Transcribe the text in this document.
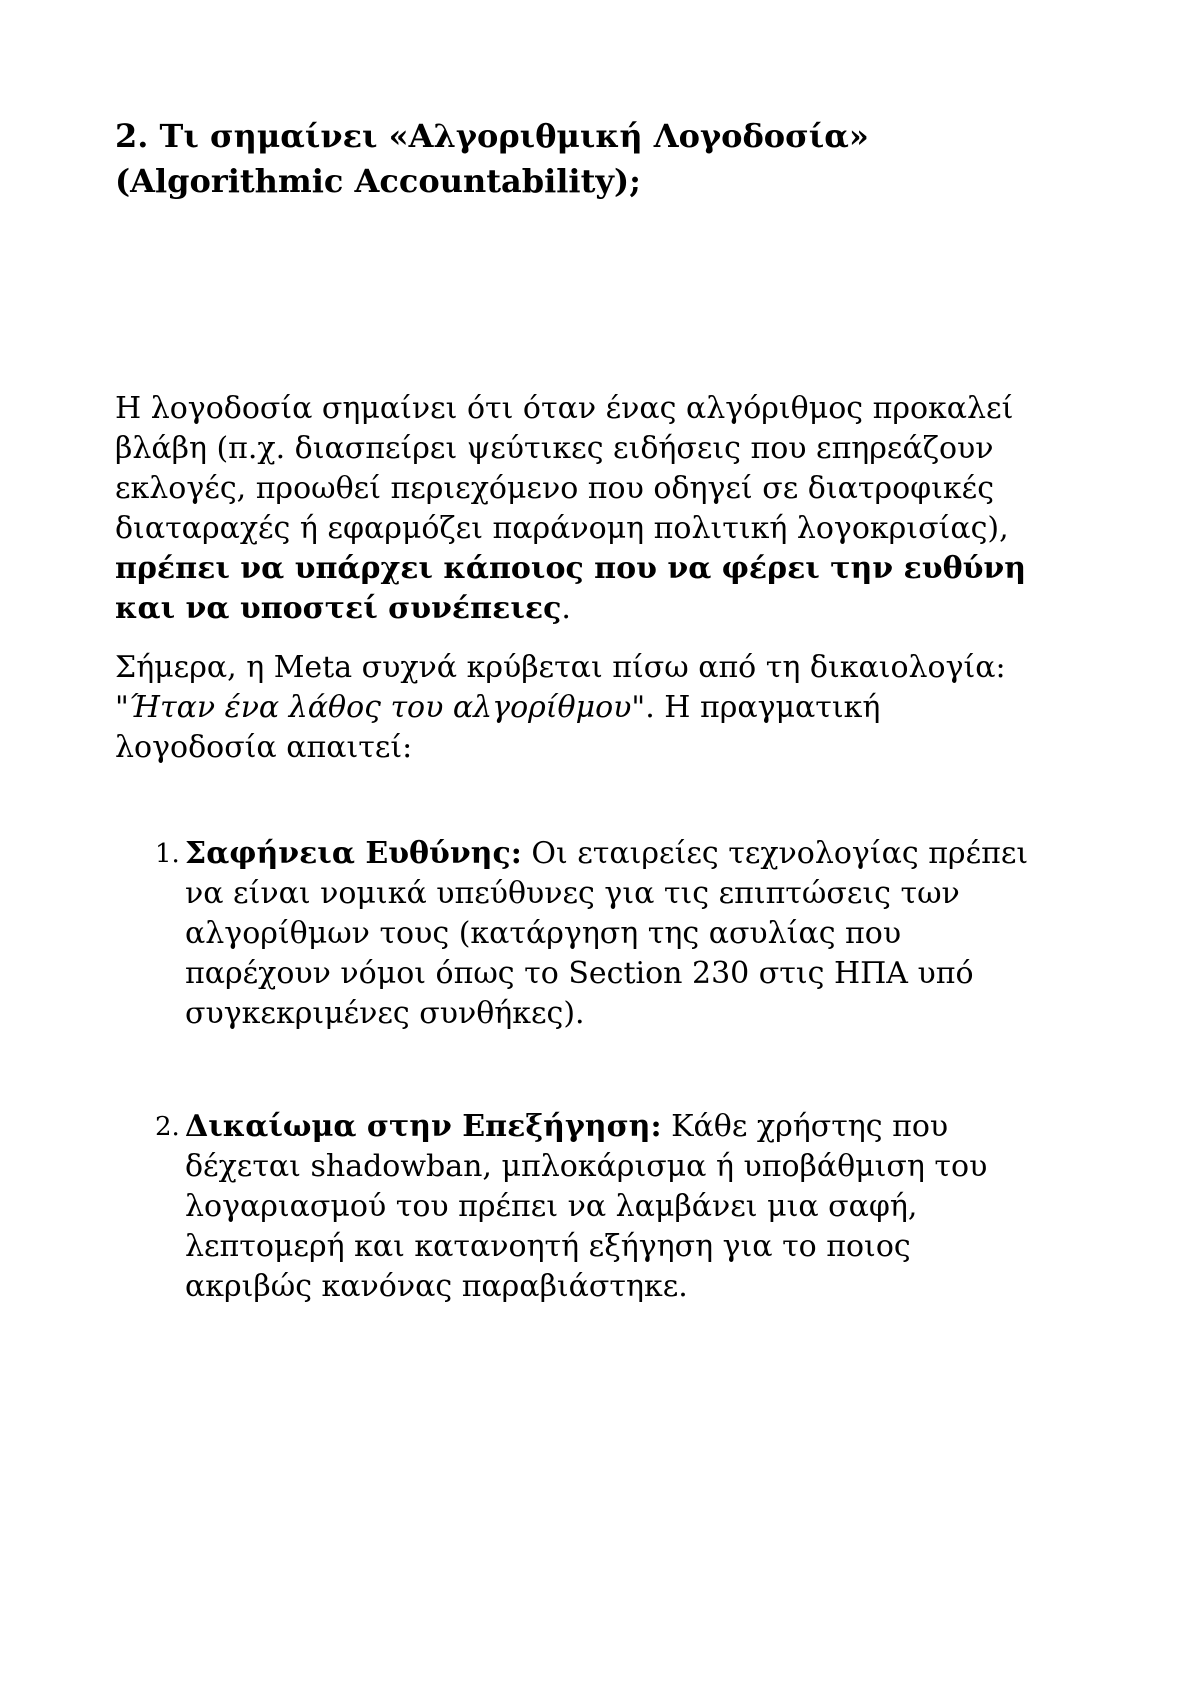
2. Τι σημαίνει «Αλγοριθμική Λογοδοσία»
(Algorithmic Accountability);

Η λογοδοσία σημαίνει ότι όταν ένας αλγόριθμος προκαλεί
βλάβη (π.χ. διασπείρει ψεύτικες ειδήσεις που επηρεάζουν
εκλογές, προωθεί περιεχόμενο που οδηγεί σε διατροφικές
διαταραχές ή εφαρμόζει παράνομη πολιτική λογοκρισίας),
πρέπει να υπάρχει κάποιος που να φέρει την ευθύνη
και να υποστεί συνέπειες.

Σήμερα, η Meta συχνά κρύβεται πίσω από τη δικαιολογία:
"Ήταν ένα λάθος του αλγορίθμου". Η πραγματική
λογοδοσία απαιτεί:

1. Σαφήνεια Ευθύνης: Οι εταιρείες τεχνολογίας πρέπει
να είναι νομικά υπεύθυνες για τις επιπτώσεις των
αλγορίθμων τους (κατάργηση της ασυλίας που
παρέχουν νόμοι όπως το Section 230 στις ΗΠΑ υπό
συγκεκριμένες συνθήκες).

2. Δικαίωμα στην Επεξήγηση: Κάθε χρήστης που
δέχεται shadowban, μπλοκάρισμα ή υποβάθμιση του
λογαριασμού του πρέπει να λαμβάνει μια σαφή,
λεπτομερή και κατανοητή εξήγηση για το ποιος
ακριβώς κανόνας παραβιάστηκε.
